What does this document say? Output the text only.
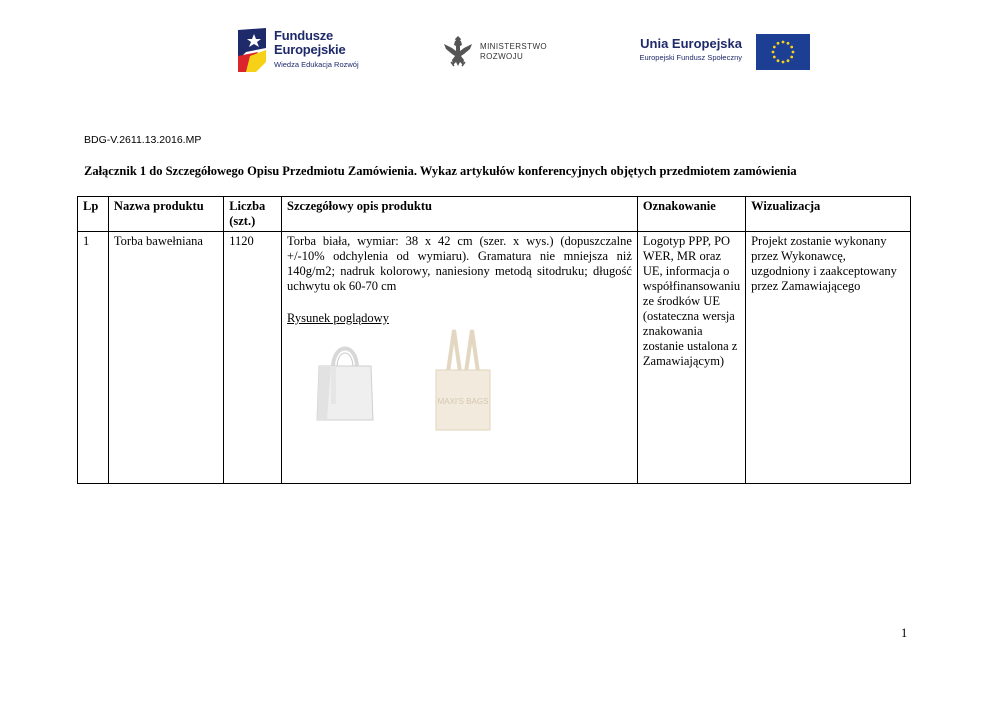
Fundusze
Europejskie
Wiedza Edukacja Rozwój
MINISTERSTWO
ROZWOJU
Unia Europejska
Europejski Fundusz Społeczny
BDG-V.2611.13.2016.MP
Załącznik 1 do Szczegółowego Opisu Przedmiotu Zamówienia. Wykaz artykułów konferencyjnych objętych przedmiotem zamówienia
Lp	Nazwa produktu	Liczba
(szt.)	Szczegółowy opis produktu	Oznakowanie	Wizualizacja
1	Torba bawełniana	1120	Torba biała, wymiar: 38 x 42 cm (szer. x wys.) (dopuszczalne +/-10% odchylenia od wymiaru). Gramatura nie mniejsza niż 140g/m2; nadruk kolorowy, naniesiony metodą sitodruku; długość uchwytu ok 60-70 cm
Rysunek poglądowy
MAXI'S BAGS	Logotyp PPP, PO WER, MR oraz UE, informacja o współfinansowaniu ze środków UE (ostateczna wersja znakowania zostanie ustalona z Zamawiającym)	Projekt zostanie wykonany przez Wykonawcę, uzgodniony i zaakceptowany przez Zamawiającego
1
